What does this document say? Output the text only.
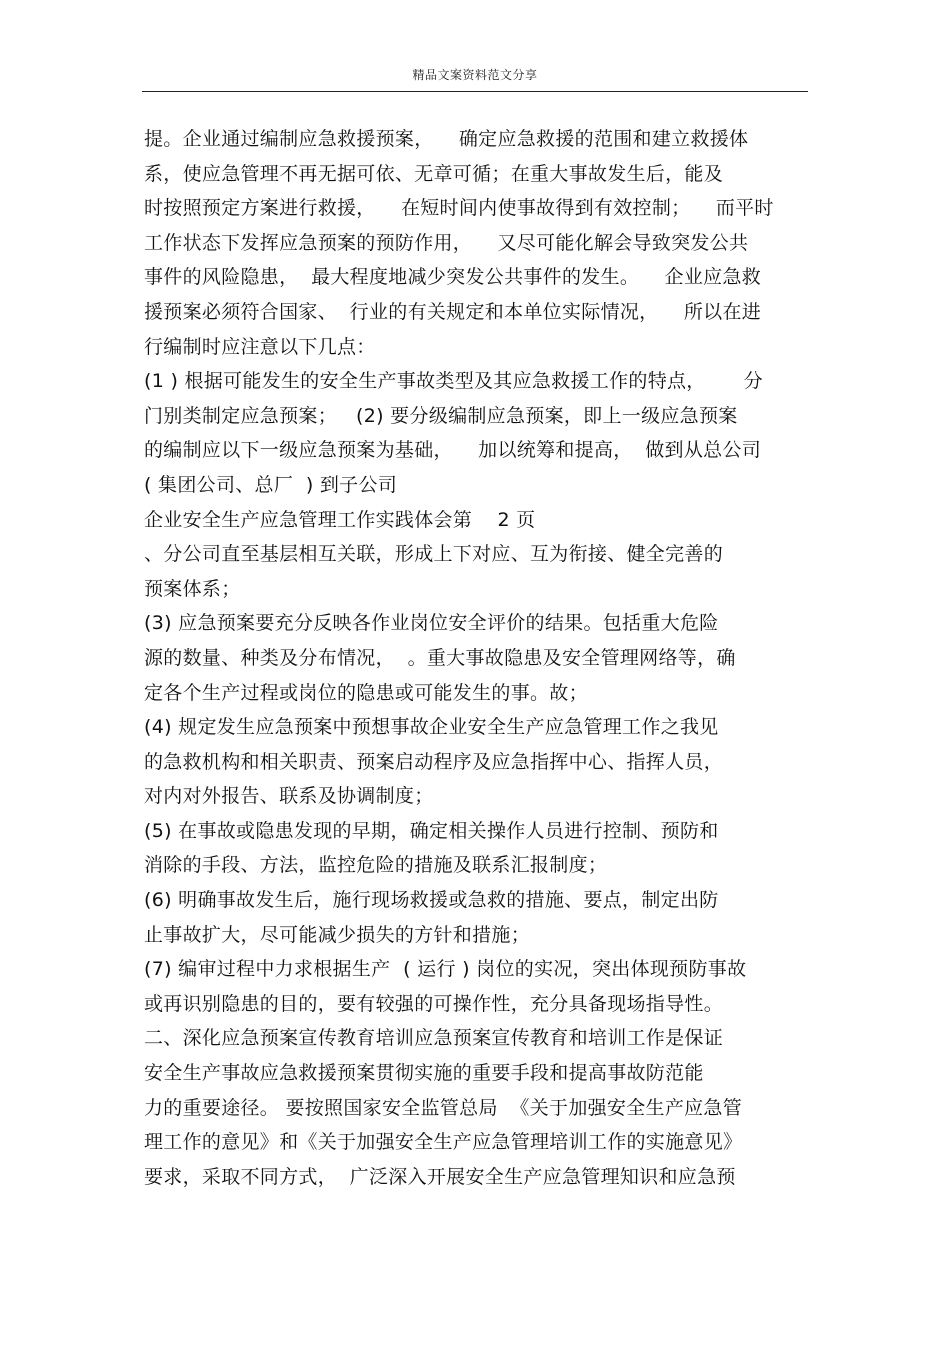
精品文案资料范文分享
提。企业通过编制应急救援预案，    确定应急救援的范围和建立救援体
系，使应急管理不再无据可依、无章可循；在重大事故发生后，能及
时按照预定方案进行救援，    在短时间内使事故得到有效控制；    而平时
工作状态下发挥应急预案的预防作用，    又尽可能化解会导致突发公共
事件的风险隐患，  最大程度地减少突发公共事件的发生。    企业应急救
援预案必须符合国家、  行业的有关规定和本单位实际情况，    所以在进
行编制时应注意以下几点：
(1 ) 根据可能发生的安全生产事故类型及其应急救援工作的特点，      分
门别类制定应急预案；   (2) 要分级编制应急预案，即上一级应急预案
的编制应以下一级应急预案为基础，    加以统筹和提高，  做到从总公司
( 集团公司、总厂  ) 到子公司
企业安全生产应急管理工作实践体会第    2 页
、分公司直至基层相互关联，形成上下对应、互为衔接、健全完善的
预案体系；
(3) 应急预案要充分反映各作业岗位安全评价的结果。包括重大危险
源的数量、种类及分布情况，  。重大事故隐患及安全管理网络等，确
定各个生产过程或岗位的隐患或可能发生的事。故；
(4) 规定发生应急预案中预想事故企业安全生产应急管理工作之我见
的急救机构和相关职责、预案启动程序及应急指挥中心、指挥人员，
对内对外报告、联系及协调制度；
(5) 在事故或隐患发现的早期，确定相关操作人员进行控制、预防和
消除的手段、方法，监控危险的措施及联系汇报制度；
(6) 明确事故发生后，施行现场救援或急救的措施、要点，制定出防
止事故扩大，尽可能减少损失的方针和措施；
(7) 编审过程中力求根据生产  ( 运行 ) 岗位的实况，突出体现预防事故
或再识别隐患的目的，要有较强的可操作性，充分具备现场指导性。
二、深化应急预案宣传教育培训应急预案宣传教育和培训工作是保证
安全生产事故应急救援预案贯彻实施的重要手段和提高事故防范能
力的重要途径。 要按照国家安全监管总局  《关于加强安全生产应急管
理工作的意见》和《关于加强安全生产应急管理培训工作的实施意见》
要求，采取不同方式，  广泛深入开展安全生产应急管理知识和应急预
